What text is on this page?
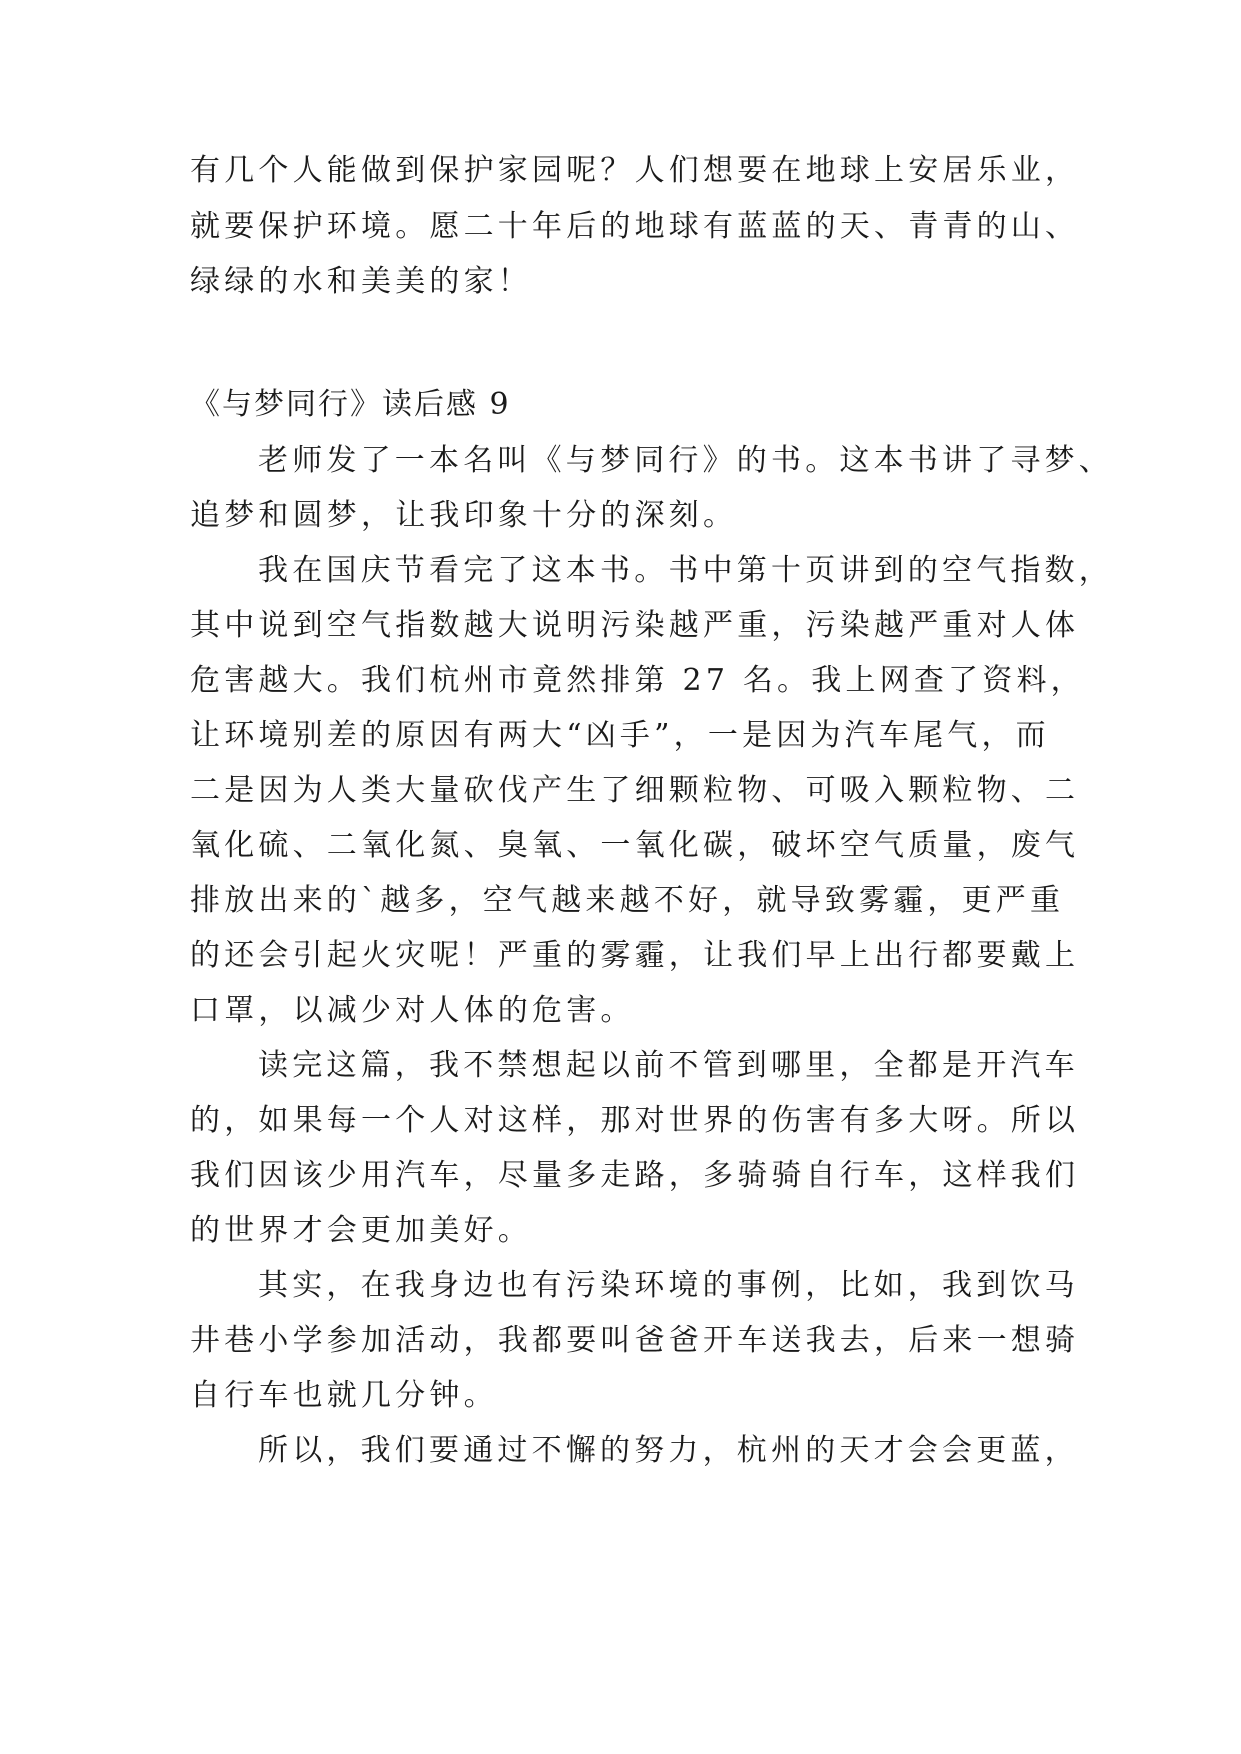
有几个人能做到保护家园呢？人们想要在地球上安居乐业，
就要保护环境。愿二十年后的地球有蓝蓝的天、青青的山、
绿绿的水和美美的家！
《与梦同行》读后感 9
老师发了一本名叫《与梦同行》的书。这本书讲了寻梦、
追梦和圆梦，让我印象十分的深刻。
我在国庆节看完了这本书。书中第十页讲到的空气指数，
其中说到空气指数越大说明污染越严重，污染越严重对人体
危害越大。我们杭州市竟然排第 27 名。我上网查了资料，
让环境别差的原因有两大“凶手”，一是因为汽车尾气，而
二是因为人类大量砍伐产生了细颗粒物、可吸入颗粒物、二
氧化硫、二氧化氮、臭氧、一氧化碳，破坏空气质量，废气
排放出来的`越多，空气越来越不好，就导致雾霾，更严重
的还会引起火灾呢！严重的雾霾，让我们早上出行都要戴上
口罩，以减少对人体的危害。
读完这篇，我不禁想起以前不管到哪里，全都是开汽车
的，如果每一个人对这样，那对世界的伤害有多大呀。所以
我们因该少用汽车，尽量多走路，多骑骑自行车，这样我们
的世界才会更加美好。
其实，在我身边也有污染环境的事例，比如，我到饮马
井巷小学参加活动，我都要叫爸爸开车送我去，后来一想骑
自行车也就几分钟。
所以，我们要通过不懈的努力，杭州的天才会会更蓝，
